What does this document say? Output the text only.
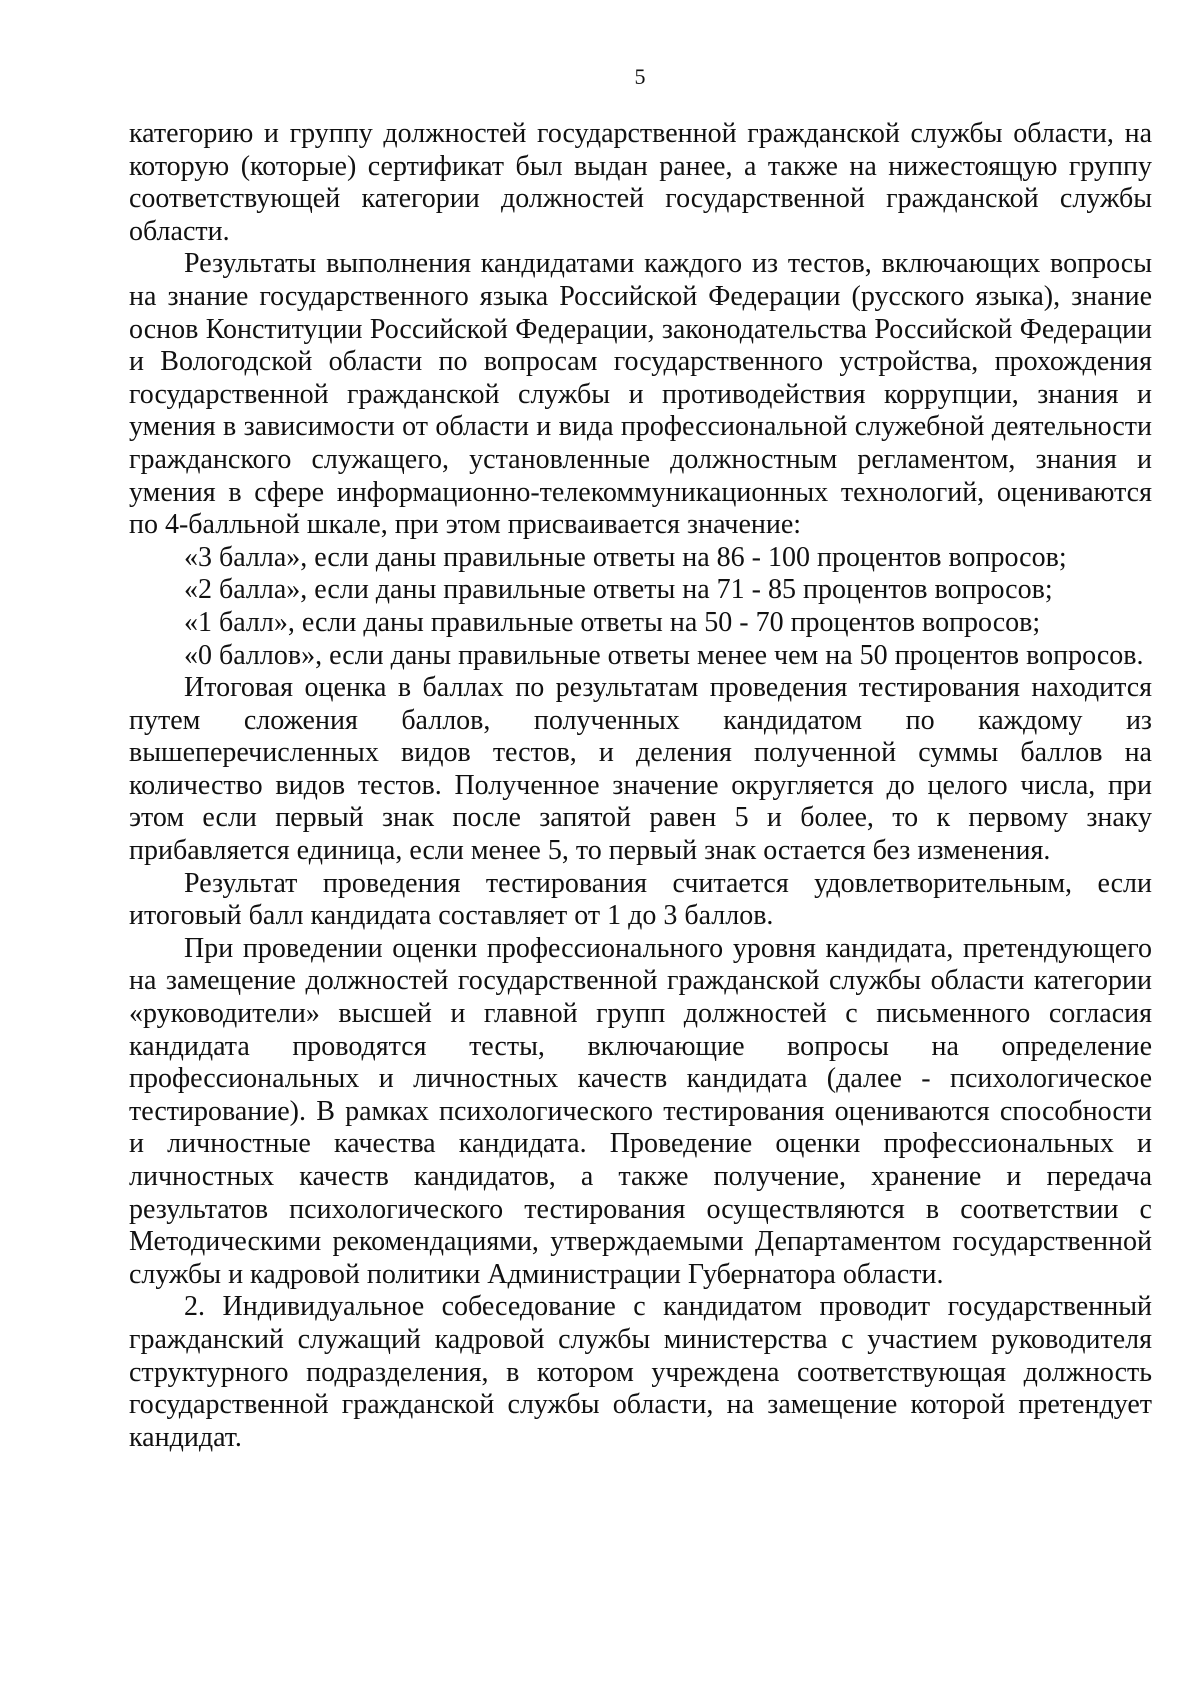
5

категорию и группу должностей государственной гражданской службы области, на которую (которые) сертификат был выдан ранее, а также на нижестоящую группу соответствующей категории должностей государственной гражданской службы области.

Результаты выполнения кандидатами каждого из тестов, включающих вопросы на знание государственного языка Российской Федерации (русского языка), знание основ Конституции Российской Федерации, законодательства Российской Федерации и Вологодской области по вопросам государственного устройства, прохождения государственной гражданской службы и противодействия коррупции, знания и умения в зависимости от области и вида профессиональной служебной деятельности гражданского служащего, установленные должностным регламентом, знания и умения в сфере информационно-телекоммуникационных технологий, оцениваются по 4-балльной шкале, при этом присваивается значение:

«3 балла», если даны правильные ответы на 86 - 100 процентов вопросов;

«2 балла», если даны правильные ответы на 71 - 85 процентов вопросов;

«1 балл», если даны правильные ответы на 50 - 70 процентов вопросов;

«0 баллов», если даны правильные ответы менее чем на 50 процентов вопросов.

Итоговая оценка в баллах по результатам проведения тестирования находится путем сложения баллов, полученных кандидатом по каждому из вышеперечисленных видов тестов, и деления полученной суммы баллов на количество видов тестов. Полученное значение округляется до целого числа, при этом если первый знак после запятой равен 5 и более, то к первому знаку прибавляется единица, если менее 5, то первый знак остается без изменения.

Результат проведения тестирования считается удовлетворительным, если итоговый балл кандидата составляет от 1 до 3 баллов.

При проведении оценки профессионального уровня кандидата, претендующего на замещение должностей государственной гражданской службы области категории «руководители» высшей и главной групп должностей с письменного согласия кандидата проводятся тесты, включающие вопросы на определение профессиональных и личностных качеств кандидата (далее - психологическое тестирование). В рамках психологического тестирования оцениваются способности и личностные качества кандидата. Проведение оценки профессиональных и личностных качеств кандидатов, а также получение, хранение и передача результатов психологического тестирования осуществляются в соответствии с Методическими рекомендациями, утверждаемыми Департаментом государственной службы и кадровой политики Администрации Губернатора области.

2. Индивидуальное собеседование с кандидатом проводит государственный гражданский служащий кадровой службы министерства с участием руководителя структурного подразделения, в котором учреждена соответствующая должность государственной гражданской службы области, на замещение которой претендует кандидат.
